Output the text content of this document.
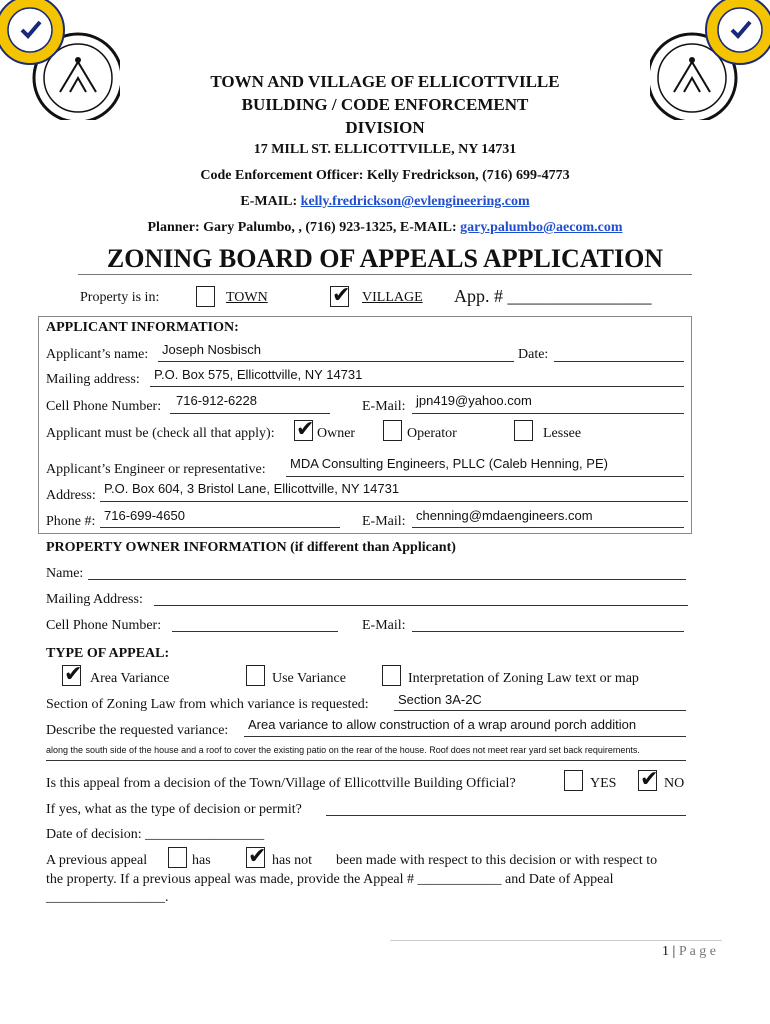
TOWN AND VILLAGE OF ELLICOTTVILLE
BUILDING / CODE ENFORCEMENT
DIVISION
17 MILL ST. ELLICOTTVILLE, NY 14731
Code Enforcement Officer: Kelly Fredrickson, (716) 699-4773
E-MAIL: kelly.fredrickson@evlengineering.com
Planner: Gary Palumbo, , (716) 923-1325, E-MAIL: gary.palumbo@aecom.com
ZONING BOARD OF APPEALS APPLICATION
Property is in:	TOWN	✔ VILLAGE App. # ________________
APPLICANT INFORMATION:
Applicant’s name: Joseph Nosbisch	Date:
Mailing address: P.O. Box 575, Ellicottville, NY 14731
Cell Phone Number: 716-912-6228	E-Mail: jpn419@yahoo.com
Applicant must be (check all that apply): ✔ Owner	Operator	Lessee
Applicant’s Engineer or representative: MDA Consulting Engineers, PLLC (Caleb Henning, PE)
Address: P.O. Box 604, 3 Bristol Lane, Ellicottville, NY 14731
Phone #: 716-699-4650	E-Mail: chenning@mdaengineers.com
PROPERTY OWNER INFORMATION (if different than Applicant)
Name:
Mailing Address:
Cell Phone Number:	E-Mail:
TYPE OF APPEAL:
✔ Area Variance	Use Variance	Interpretation of Zoning Law text or map
Section of Zoning Law from which variance is requested: Section 3A-2C
Describe the requested variance: Area variance to allow construction of a wrap around porch addition
along the south side of the house and a roof to cover the existing patio on the rear of the house. Roof does not meet rear yard set back requirements.
Is this appeal from a decision of the Town/Village of Ellicottville Building Official?	YES ✔ NO
If yes, what as the type of decision or permit?
Date of decision: _________________
A previous appeal	has ✔ has not been made with respect to this decision or with respect to
the property. If a previous appeal was made, provide the Appeal # ____________ and Date of Appeal
_________________.
1 | P a g e
